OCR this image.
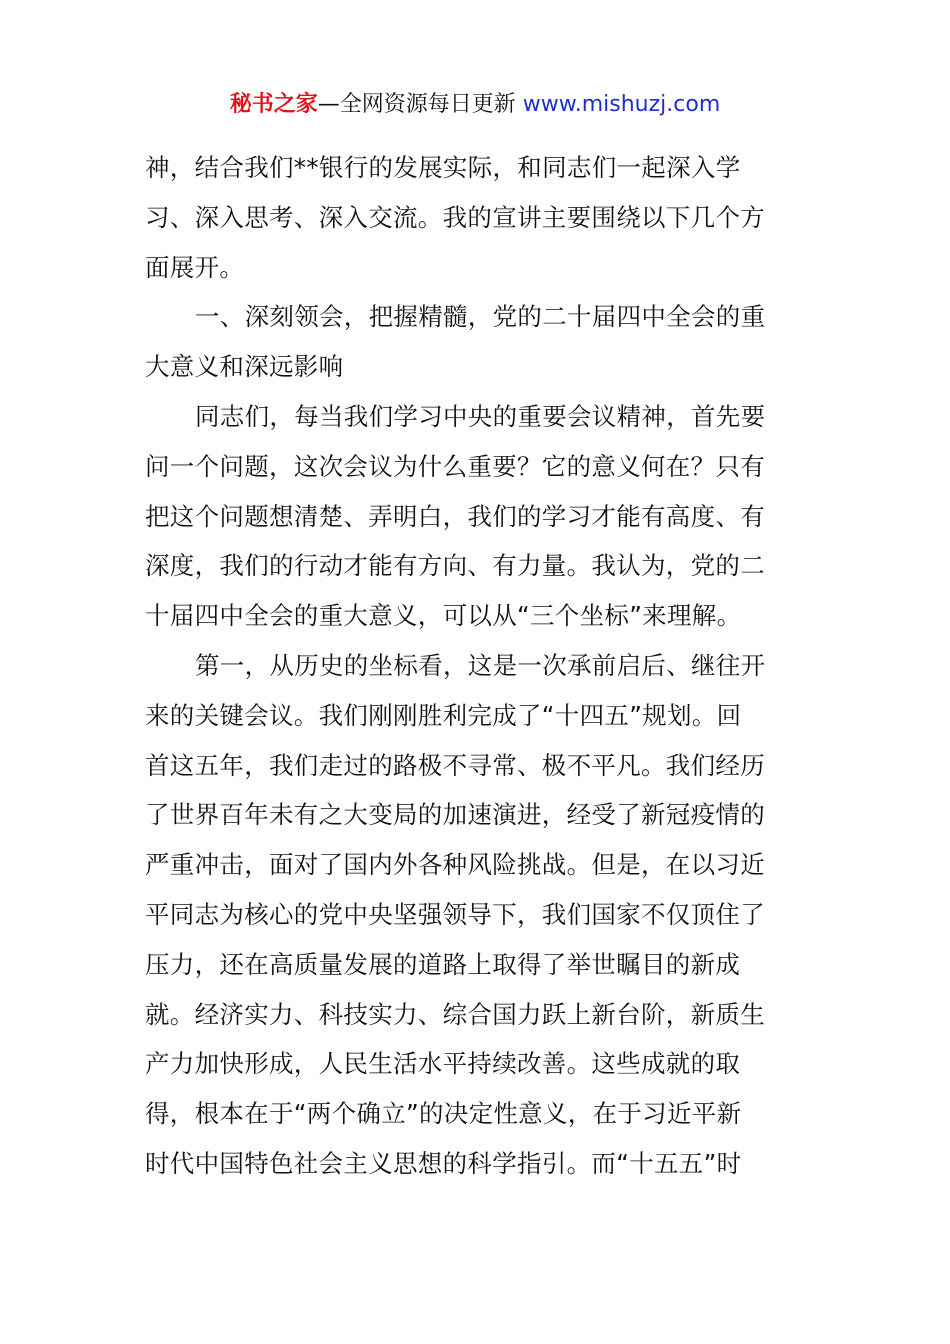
秘书之家—全网资源每日更新 www.mishuzj.com
神，结合我们**银行的发展实际，和同志们一起深入学
习、深入思考、深入交流。我的宣讲主要围绕以下几个方
面展开。
一、深刻领会，把握精髓，党的二十届四中全会的重
大意义和深远影响
同志们，每当我们学习中央的重要会议精神，首先要
问一个问题，这次会议为什么重要？它的意义何在？只有
把这个问题想清楚、弄明白，我们的学习才能有高度、有
深度，我们的行动才能有方向、有力量。我认为，党的二
十届四中全会的重大意义，可以从“三个坐标”来理解。
第一，从历史的坐标看，这是一次承前启后、继往开
来的关键会议。我们刚刚胜利完成了“十四五”规划。回
首这五年，我们走过的路极不寻常、极不平凡。我们经历
了世界百年未有之大变局的加速演进，经受了新冠疫情的
严重冲击，面对了国内外各种风险挑战。但是，在以习近
平同志为核心的党中央坚强领导下，我们国家不仅顶住了
压力，还在高质量发展的道路上取得了举世瞩目的新成
就。经济实力、科技实力、综合国力跃上新台阶，新质生
产力加快形成，人民生活水平持续改善。这些成就的取
得，根本在于“两个确立”的决定性意义，在于习近平新
时代中国特色社会主义思想的科学指引。而“十五五”时
